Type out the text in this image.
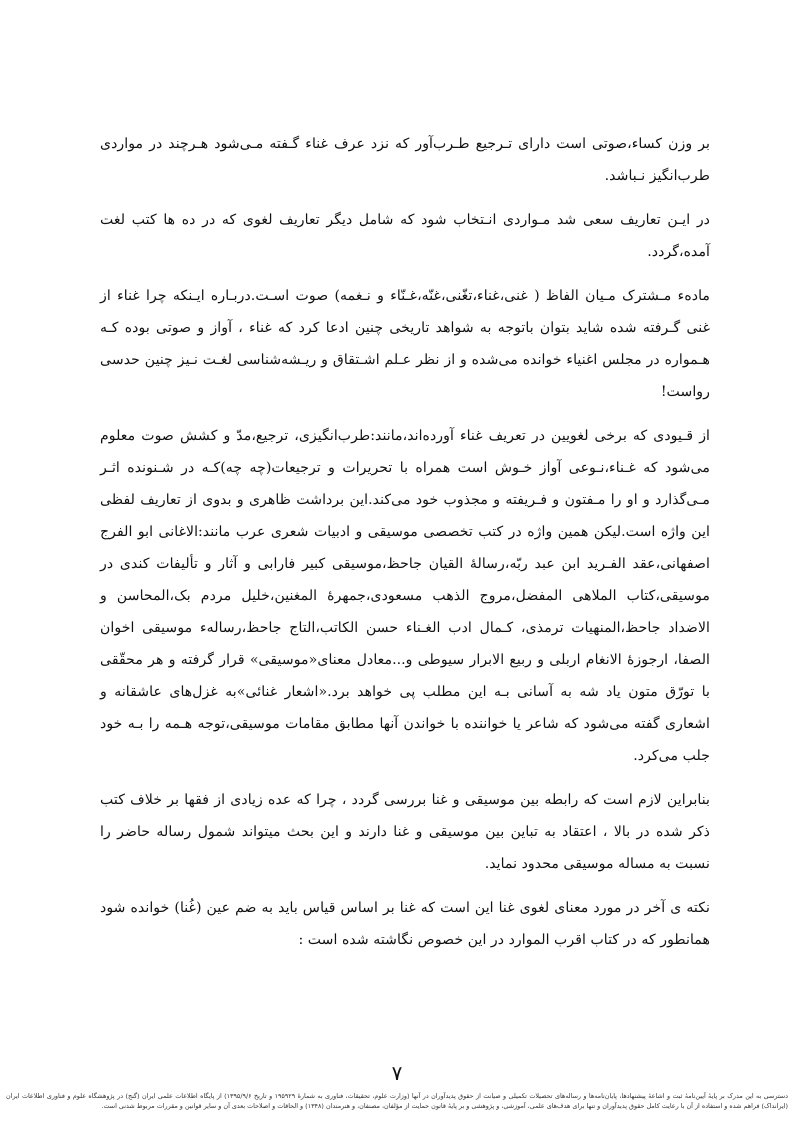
بر وزن کساء،صوتی است دارای تـرجیع طـرب‌آور که نزد عرف غناء گـفته مـی‌شود هـرچند در مواردی طرب‌انگیز نـباشد.

در ایـن تعاریف سعی شد مـواردی انـتخاب شود که شامل دیگر تعاریف لغوی که در ده ها کتب لغت آمده،گردد.

مادهء مـشترک مـیان الفاظ ( غنی،غناء،تغّنی،غنّه،غـنّاء و نـغمه) صوت اسـت.دربـاره ایـنکه چرا غناء از غنی گـرفته شده شاید بتوان باتوجه به شواهد تاریخی چنین ادعا کرد که غناء ، آواز و صوتی بوده کـه هـمواره در مجلس اغنیاء خوانده می‌شده و از نظر عـلم اشـتقاق و ریـشه‌شناسی لغـت نـیز چنین حدسی رواست!

از قـیودی که برخی لغویین در تعریف غناء آورده‌اند،مانند:طرب‌انگیزی، ترجیع،مدّ و کشش صوت معلوم می‌شود که غـناء،نـوعی آواز خـوش است همراه با تحریرات و ترجیعات(چه چه)کـه در شـنونده اثـر مـی‌گذارد و او را مـفتون و فـریفته و مجذوب خود می‌کند.این برداشت ظاهری و بدوی از تعاریف لفظی این واژه است.لیکن همین واژه در کتب تخصصی موسیقی و ادبیات شعری عرب مانند:الاغانی ابو الفرج اصفهانی،عقد الفـرید ابن عبد ربّه،رسالهٔ القیان جاحظ،موسیقی کبیر فارابی و آثار و تألیفات کندی در موسیقی،کتاب الملاهی المفضل،مروج الذهب مسعودی،جمهرهٔ المغنین،خلیل مردم بک،المحاسن و الاضداد جاحظ،المنهیات ترمذی، کـمال ادب الغـناء حسن الکاتب،التاج جاحظ،رسالهء موسیقی اخوان الصفا، ارجوزهٔ الانغام اربلی و ربیع الابرار سیوطی و...معادل معنای«موسیقی» قرار گرفته و هر محقّقی با تورّق متون یاد شه به آسانی بـه این مطلب پی خواهد برد.«اشعار غنائی»به غزل‌های عاشقانه و اشعاری گفته می‌شود که شاعر یا خواننده با خواندن آنها مطابق مقامات موسیقی،توجه هـمه را بـه خود جلب می‌کرد.

بنابراین لازم است که رابطه بین موسیقی و غنا بررسی گردد ، چرا که عده زیادی از فقها بر خلاف کتب ذکر شده در بالا ، اعتقاد به تباین بین موسیقی و غنا دارند و این بحث میتواند شمول رساله حاضر را نسبت به مساله موسیقی محدود نماید.

نکته ی آخر در مورد معنای لغوی غنا این است که غنا بر اساس قیاس باید به ضم عین (غُنا) خوانده شود همانطور که در کتاب اقرب الموارد در این خصوص نگاشته شده است :

۷
دسترسی به این مدرک بر پایهٔ آیین‌نامهٔ ثبت و اشاعهٔ پیشنهادها، پایان‌نامه‌ها و رساله‌های تحصیلات تکمیلی و صیانت از حقوق پدیدآوران در آنها (وزارت علوم، تحقیقات، فناوری به شمارهٔ ۱۹۵۹۲۹ و تاریخ ۱۳۹۵/۹/۶) از پایگاه اطلاعات علمی ایران (گنج) در پژوهشگاه علوم و فناوری اطلاعات ایران (ایرانداک) فراهم شده و استفاده از آن با رعایت کامل حقوق پدیدآوران و تنها برای هدف‌های علمی، آموزشی، و پژوهشی و بر پایهٔ قانون حمایت از مؤلفان، مصنفان، و هنرمندان (۱۳۴۸) و الحاقات و اصلاحات بعدی آن و سایر قوانین و مقررات مربوط شدنی است.
